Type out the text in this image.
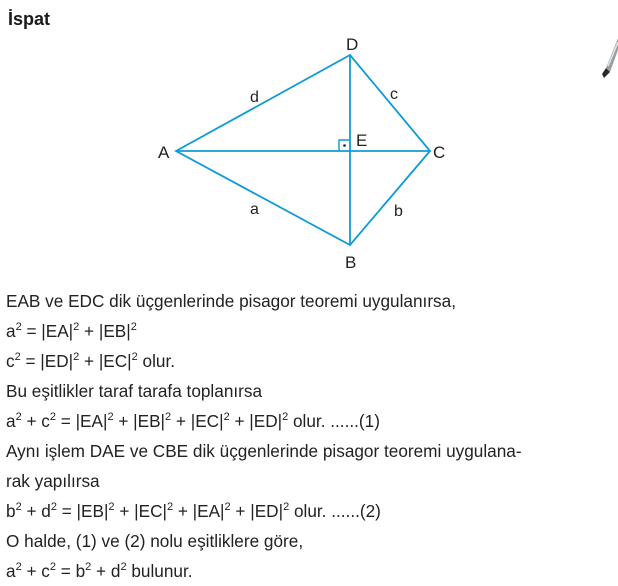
İspat
A
D
C
B
E
d	c
a	b
EAB ve EDC dik üçgenlerinde pisagor teoremi uygulanırsa,
$a^2 = |EA|^2 + |EB|^2$
$c^2 = |ED|^2 + |EC|^2$ olur.
Bu eşitlikler taraf tarafa toplanırsa
$a^2 + c^2 = |EA|^2 + |EB|^2 + |EC|^2 + |ED|^2$ olur. ......(1)
Aynı işlem DAE ve CBE dik üçgenlerinde pisagor teoremi uygulana-
rak yapılırsa
$b^2 + d^2 = |EB|^2 + |EC|^2 + |EA|^2 + |ED|^2$ olur. ......(2)
O halde, (1) ve (2) nolu eşitliklere göre,
$a^2 + c^2 = b^2 + d^2$ bulunur.
